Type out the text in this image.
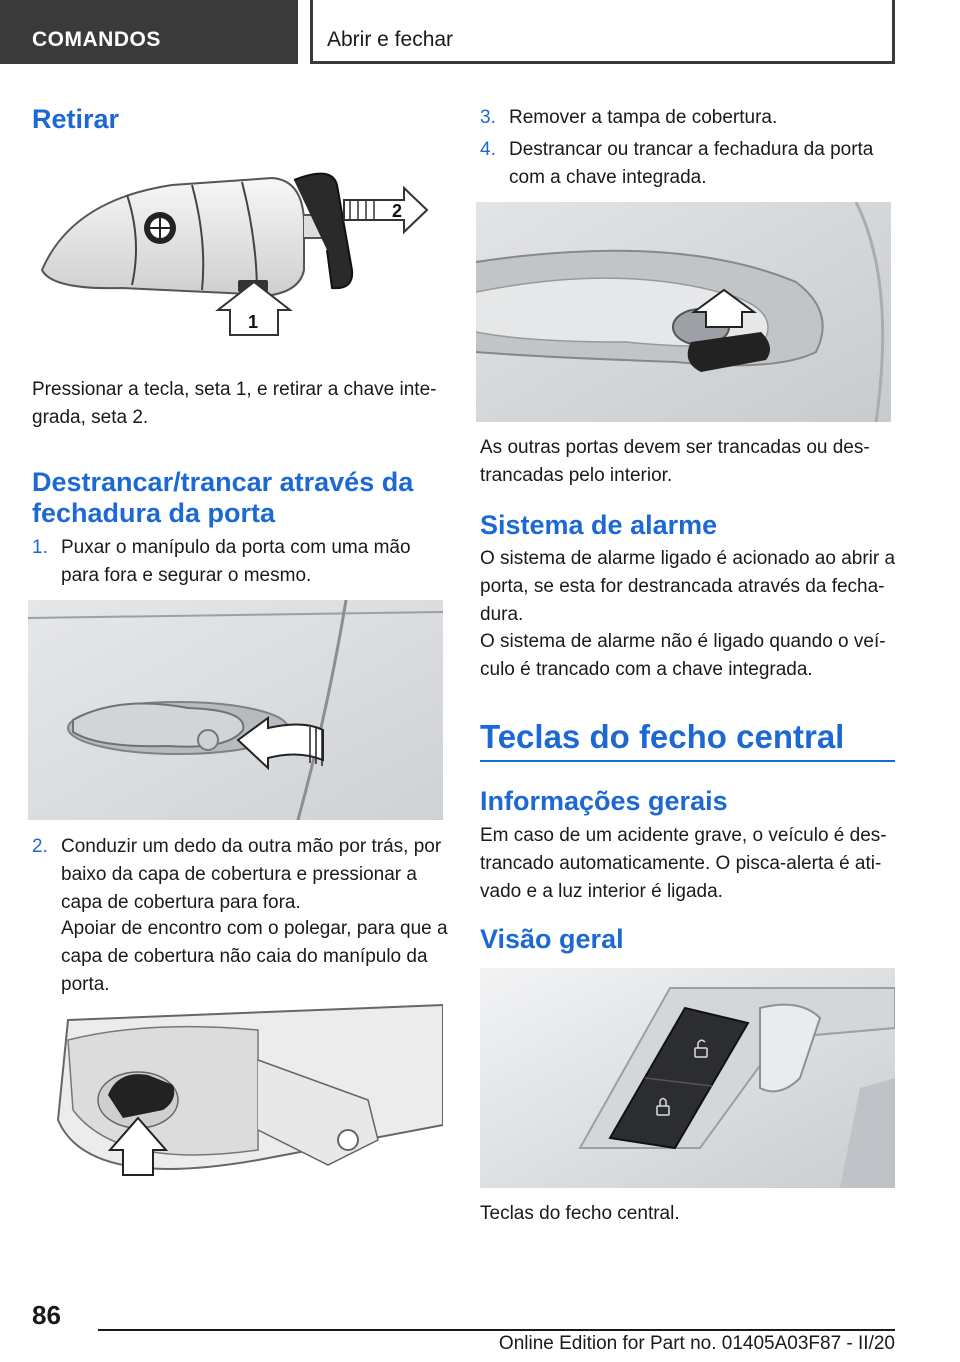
COMANDOS	Abrir e fechar
Retirar
2
1

Pressionar a tecla, seta 1, e retirar a chave inte-
grada, seta 2.

Destrancar/trancar através da
fechadura da porta
1. Puxar o manípulo da porta com uma mão
para fora e segurar o mesmo.

2. Conduzir um dedo da outra mão por trás, por
baixo da capa de cobertura e pressionar a
capa de cobertura para fora.

Apoiar de encontro com o polegar, para que a
capa de cobertura não caia do manípulo da
porta.

3. Remover a tampa de cobertura.

4. Destrancar ou trancar a fechadura da porta
com a chave integrada.

As outras portas devem ser trancadas ou des-
trancadas pelo interior.

Sistema de alarme

O sistema de alarme ligado é acionado ao abrir a
porta, se esta for destrancada através da fecha-
dura.

O sistema de alarme não é ligado quando o veí-
culo é trancado com a chave integrada.

Teclas do fecho central
Informações gerais

Em caso de um acidente grave, o veículo é des-
trancado automaticamente. O pisca-alerta é ati-
vado e a luz interior é ligada.

Visão geral

Teclas do fecho central.

86
Online Edition for Part no. 01405A03F87 - II/20
